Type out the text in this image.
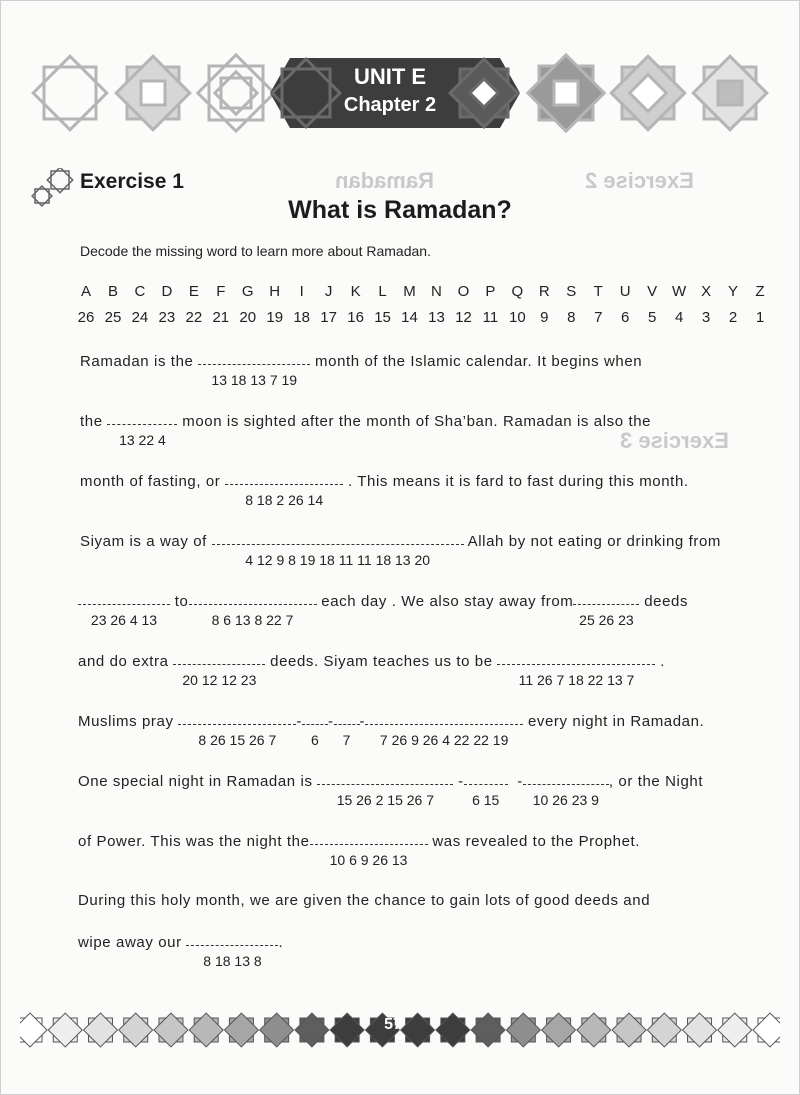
Exercise 2
Ramadan
Exercise 3
UNIT E
Chapter 2
Exercise 1
What is Ramadan?
Decode the missing word to learn more about Ramadan.
A B C D E F G H I J K L M N O P Q R S T U V W X Y Z
26 25 24 23 22 21 20 19 18 17 16 15 14 13 12 11 10 9 8 7 6 5 4 3 2 1
Ramadan is the
13 18 13 7 19
month of the Islamic calendar. It begins when
the
13 22 4
moon is sighted after the month of Sha’ban. Ramadan is also the
month of fasting, or
8 18 2 26 14
. This means it is fard to fast during this month.
Siyam is a way of
4 12 9 8 19 18 11 11 18 13 20
Allah by not eating or drinking from
23 26 4 13
to
8 6 13 8 22 7
each day . We also stay away from
25 26 23
deeds
and do extra
20 12 12 23
deeds. Siyam teaches us to be
11 26 7 18 22 13 7
.
Muslims pray
8 26 15 26 7
-
6
-
7
-
7 26 9 26 4 22 22 19
every night in Ramadan.
One special night in Ramadan is
15 26 2 15 26 7
-
6 15
-
10 26 23 9
, or the Night
of Power. This was the night the
10 6 9 26 13
was revealed to the Prophet.
During this holy month, we are given the chance to gain lots of good deeds and
wipe away our
8 18 13 8
.
57
